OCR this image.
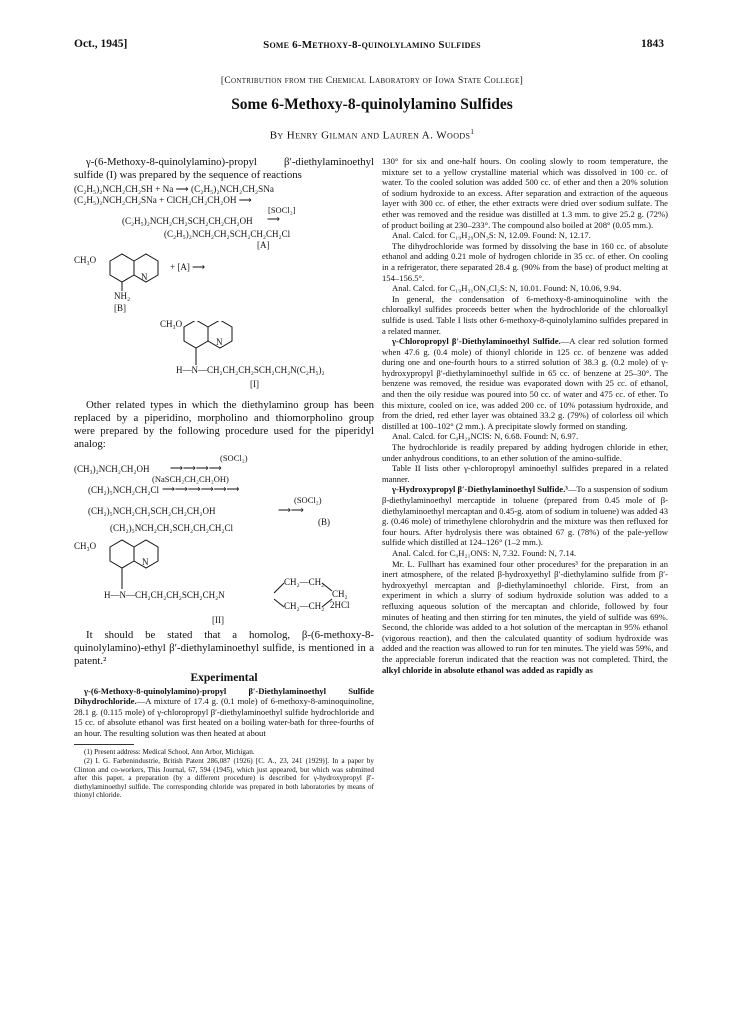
Oct., 1945]	Some 6-Methoxy-8-quinolylamino Sulfides	1843
[Contribution from the Chemical Laboratory of Iowa State College]
Some 6-Methoxy-8-quinolylamino Sulfides
By Henry Gilman and Lauren A. Woods$^1$

γ-(6-Methoxy-8-quinolylamino)-propyl β′-diethylaminoethyl sulfide (I) was prepared by the sequence of reactions

(C₂H₅)₂NCH₂CH₂SH + Na ⟶ (C₂H₅)₂NCH₂CH₂SNa

(C₂H₅)₂NCH₂CH₂SNa + ClCH₂CH₂CH₂OH ⟶

[SOCl₂]
(C₂H₅)₂NCH₂CH₂SCH₂CH₂CH₂OH ⟶
(C₂H₅)₂NCH₂CH₂SCH₂CH₂CH₂Cl
[A]
CH₃O
+ [A] ⟶
N
NH₂
[B]
CH₃O
N
H—N—CH₂CH₂CH₂SCH₂CH₂N(C₂H₅)₂
[I]

Other related types in which the diethylamino group has been replaced by a piperidino, morpholino and thiomorpholino group were prepared by the following procedure used for the piperidyl analog:

(SOCl₂)
(CH₃)₂NCH₂CH₂OH ⟶⟶⟶⟶
(NaSCH₂CH₂CH₂OH)
(CH₂)₅NCH₂CH₂Cl ⟶⟶⟶⟶⟶⟶
(SOCl₂)
(CH₂)₅NCH₂CH₂SCH₂CH₂CH₂OH	⟶⟶
(CH₂)₅NCH₂CH₂SCH₂CH₂CH₂Cl
(B)
CH₃O
N
H—N—CH₂CH₂CH₂SCH₂CH₂N
CH₂—CH₂
CH₂—CH₂
CH₂
2HCl
[II]

It should be stated that a homolog, β-(6-methoxy-8-quinolylamino)-ethyl β′-diethylaminoethyl sulfide, is mentioned in a patent.²

Experimental

γ-(6-Methoxy-8-quinolylamino)-propyl β′-Diethylaminoethyl Sulfide Dihydrochloride.—A mixture of 17.4 g. (0.1 mole) of 6-methoxy-8-aminoquinoline, 28.1 g. (0.115 mole) of γ-chloropropyl β′-diethylaminoethyl sulfide hydrochloride and 15 cc. of absolute ethanol was first heated on a boiling water-bath for three-fourths of an hour. The resulting solution was then heated at about

(1) Present address: Medical School, Ann Arbor, Michigan.

(2) I. G. Farbenindustrie, British Patent 286,087 (1926) [C. A., 23, 241 (1929)]. In a paper by Clinton and co-workers, This Journal, 67, 594 (1945), which just appeared, but which was submitted after this paper, a preparation (by a different procedure) is described for γ-hydroxypropyl β′-diethylaminoethyl sulfide. The corresponding chloride was prepared in both laboratories by means of thionyl chloride.

130° for six and one-half hours. On cooling slowly to room temperature, the mixture set to a yellow crystalline material which was dissolved in 100 cc. of water. To the cooled solution was added 500 cc. of ether and then a 20% solution of sodium hydroxide to an excess. After separation and extraction of the aqueous layer with 300 cc. of ether, the ether extracts were dried over sodium sulfate. The ether was removed and the residue was distilled at 1.3 mm. to give 25.2 g. (72%) of product boiling at 230–233°. The compound also boiled at 208° (0.05 mm.).

Anal. Calcd. for C₁₉H₂₉ON₃S: N, 12.09. Found: N, 12.17.

The dihydrochloride was formed by dissolving the base in 160 cc. of absolute ethanol and adding 0.21 mole of hydrogen chloride in 35 cc. of ether. On cooling in a refrigerator, there separated 28.4 g. (90% from the base) of product melting at 154–156.5°.

Anal. Calcd. for C₁₉H₃₁ON₃Cl₂S: N, 10.01. Found: N, 10.06, 9.94.

In general, the condensation of 6-methoxy-8-aminoquinoline with the chloroalkyl sulfides proceeds better when the hydrochloride of the chloroalkyl sulfide is used. Table I lists other 6-methoxy-8-quinolylamino sulfides prepared in a related manner.

γ-Chloropropyl β′-Diethylaminoethyl Sulfide.—A clear red solution formed when 47.6 g. (0.4 mole) of thionyl chloride in 125 cc. of benzene was added during one and one-fourth hours to a stirred solution of 38.3 g. (0.2 mole) of γ-hydroxypropyl β′-diethylaminoethyl sulfide in 65 cc. of benzene at 25–30°. The benzene was removed, the residue was evaporated down with 25 cc. of ethanol, and then the oily residue was poured into 50 cc. of water and 475 cc. of ether. To this mixture, cooled on ice, was added 200 cc. of 10% potassium hydroxide, and from the dried, red ether layer was obtained 33.2 g. (79%) of colorless oil which distilled at 100–102° (2 mm.). A precipitate slowly formed on standing.

Anal. Calcd. for C₉H₂₀NClS: N, 6.68. Found: N, 6.97.

The hydrochloride is readily prepared by adding hydrogen chloride in ether, under anhydrous conditions, to an ether solution of the amino-sulfide.

Table II lists other γ-chloropropyl aminoethyl sulfides prepared in a related manner.

γ-Hydroxypropyl β′-Diethylaminoethyl Sulfide.³—To a suspension of sodium β-diethylaminoethyl mercaptide in toluene (prepared from 0.45 mole of β-diethylaminoethyl mercaptan and 0.45-g. atom of sodium in toluene) was added 43 g. (0.46 mole) of trimethylene chlorohydrin and the mixture was then refluxed for four hours. After hydrolysis there was obtained 67 g. (78%) of the pale-yellow sulfide which distilled at 124–126° (1–2 mm.).

Anal. Calcd. for C₉H₂₁ONS: N, 7.32. Found: N, 7.14.

Mr. L. Fullhart has examined four other procedures³ for the preparation in an inert atmosphere, of the related β-hydroxyethyl β′-diethylamino sulfide from β′-hydroxyethyl mercaptan and β-diethylaminoethyl chloride. First, from an experiment in which a slurry of sodium hydroxide solution was added to a refluxing aqueous solution of the mercaptan and chloride, followed by four minutes of heating and then stirring for ten minutes, the yield of sulfide was 69%. Second, the chloride was added to a hot solution of the mercaptan in 95% ethanol (vigorous reaction), and then the calculated quantity of sodium hydroxide was added and the reaction was allowed to run for ten minutes. The yield was 59%, and the appreciable forerun indicated that the reaction was not completed. Third, the alkyl chloride in absolute ethanol was added as rapidly as
